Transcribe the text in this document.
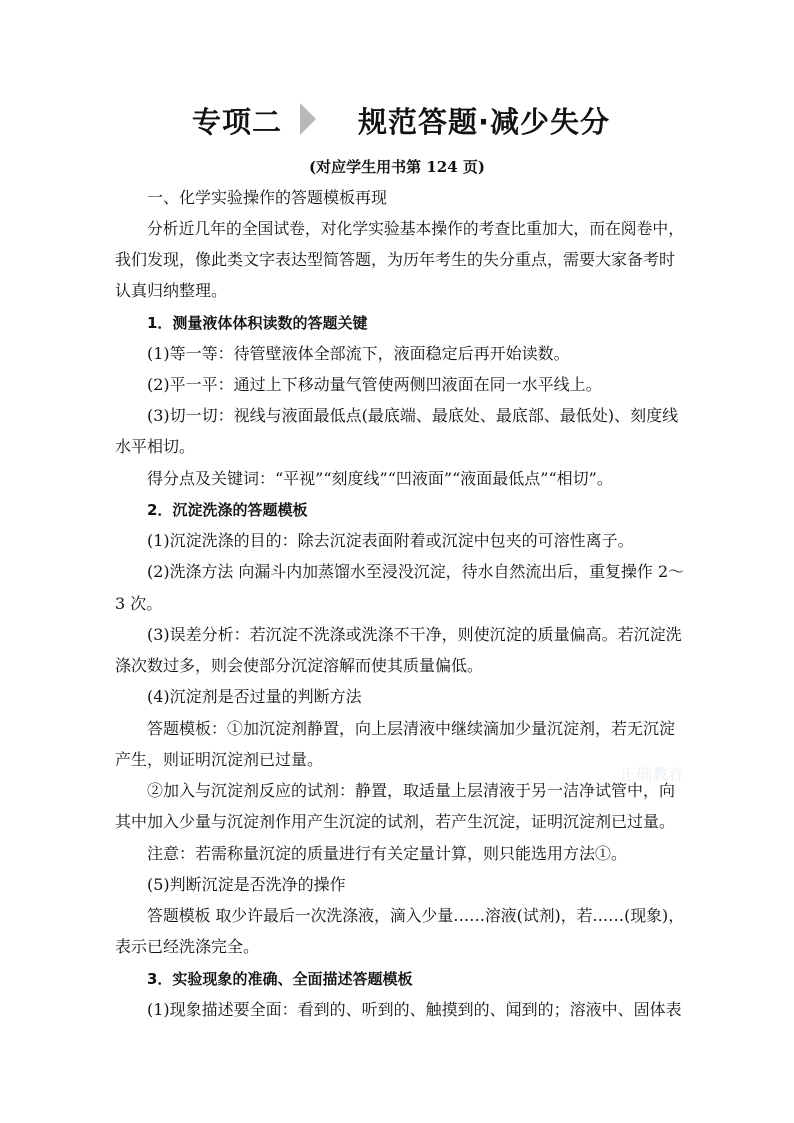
专项二	规范答题·减少失分
(对应学生用书第 124 页)
一、化学实验操作的答题模板再现
分析近几年的全国试卷，对化学实验基本操作的考查比重加大，而在阅卷中，
我们发现，像此类文字表达型简答题，为历年考生的失分重点，需要大家备考时
认真归纳整理。
1．测量液体体积读数的答题关键
(1)等一等：待管壁液体全部流下，液面稳定后再开始读数。
(2)平一平：通过上下移动量气管使两侧凹液面在同一水平线上。
(3)切一切：视线与液面最低点(最底端、最底处、最底部、最低处)、刻度线
水平相切。
得分点及关键词：“平视”“刻度线”“凹液面”“液面最低点”“相切”。
2．沉淀洗涤的答题模板
(1)沉淀洗涤的目的：除去沉淀表面附着或沉淀中包夹的可溶性离子。
(2)洗涤方法 向漏斗内加蒸馏水至浸没沉淀，待水自然流出后，重复操作 2～
3 次。
(3)误差分析：若沉淀不洗涤或洗涤不干净，则使沉淀的质量偏高。若沉淀洗
涤次数过多，则会使部分沉淀溶解而使其质量偏低。
(4)沉淀剂是否过量的判断方法
答题模板：①加沉淀剂静置，向上层清液中继续滴加少量沉淀剂，若无沉淀
产生，则证明沉淀剂已过量。
②加入与沉淀剂反应的试剂：静置，取适量上层清液于另一洁净试管中，向
其中加入少量与沉淀剂作用产生沉淀的试剂，若产生沉淀，证明沉淀剂已过量。
注意：若需称量沉淀的质量进行有关定量计算，则只能选用方法①。
(5)判断沉淀是否洗净的操作
答题模板 取少许最后一次洗涤液，滴入少量……溶液(试剂)，若……(现象)，
表示已经洗涤完全。
3．实验现象的准确、全面描述答题模板
(1)现象描述要全面：看到的、听到的、触摸到的、闻到的；溶液中、固体表
正确教育
